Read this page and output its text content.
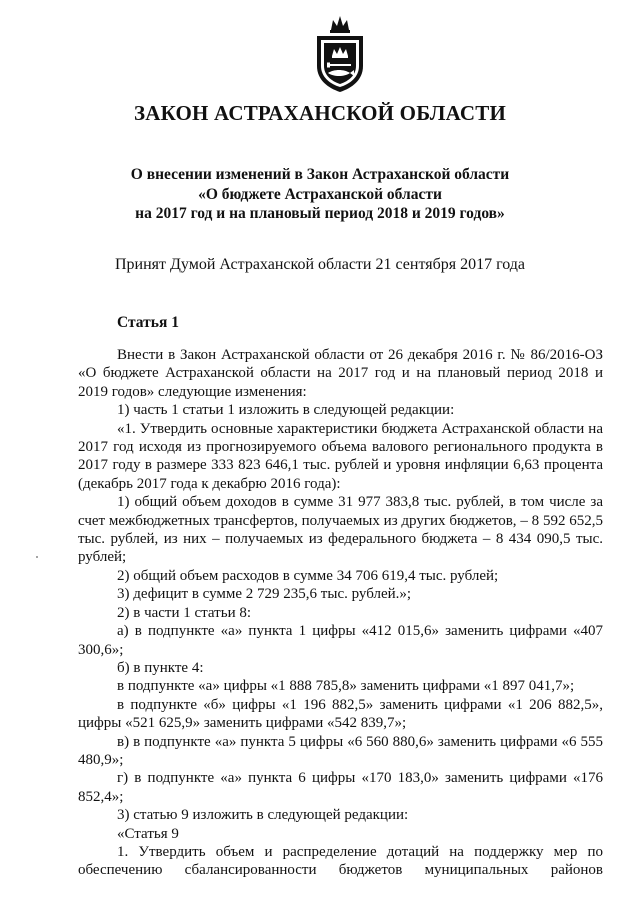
ЗАКОН АСТРАХАНСКОЙ ОБЛАСТИ
О внесении изменений в Закон Астраханской области
«О бюджете Астраханской области
на 2017 год и на плановый период 2018 и 2019 годов»

Принят Думой Астраханской области 21 сентября 2017 года

Статья 1

Внести в Закон Астраханской области от 26 декабря 2016 г. № 86/2016-ОЗ «О бюджете Астраханской области на 2017 год и на плановый период 2018 и 2019 годов» следующие изменения:

1) часть 1 статьи 1 изложить в следующей редакции:

«1. Утвердить основные характеристики бюджета Астраханской области на 2017 год исходя из прогнозируемого объема валового регионального продукта в 2017 году в размере 333 823 646,1 тыс. рублей и уровня инфляции 6,63 процента (декабрь 2017 года к декабрю 2016 года):

1) общий объем доходов в сумме 31 977 383,8 тыс. рублей, в том числе за счет межбюджетных трансфертов, получаемых из других бюджетов, – 8 592 652,5 тыс. рублей, из них – получаемых из федерального бюджета – 8 434 090,5 тыс. рублей;

2) общий объем расходов в сумме 34 706 619,4 тыс. рублей;

3) дефицит в сумме 2 729 235,6 тыс. рублей.»;

2) в части 1 статьи 8:

а) в подпункте «а» пункта 1 цифры «412 015,6» заменить цифрами «407 300,6»;

б) в пункте 4:

в подпункте «а» цифры «1 888 785,8» заменить цифрами «1 897 041,7»;

в подпункте «б» цифры «1 196 882,5» заменить цифрами «1 206 882,5», цифры «521 625,9» заменить цифрами «542 839,7»;

в) в подпункте «а» пункта 5 цифры «6 560 880,6» заменить цифрами «6 555 480,9»;

г) в подпункте «а» пункта 6 цифры «170 183,0» заменить цифрами «176 852,4»;

3) статью 9 изложить в следующей редакции:

«Статья 9

1. Утвердить объем и распределение дотаций на поддержку мер по обеспечению сбалансированности бюджетов муниципальных районов
